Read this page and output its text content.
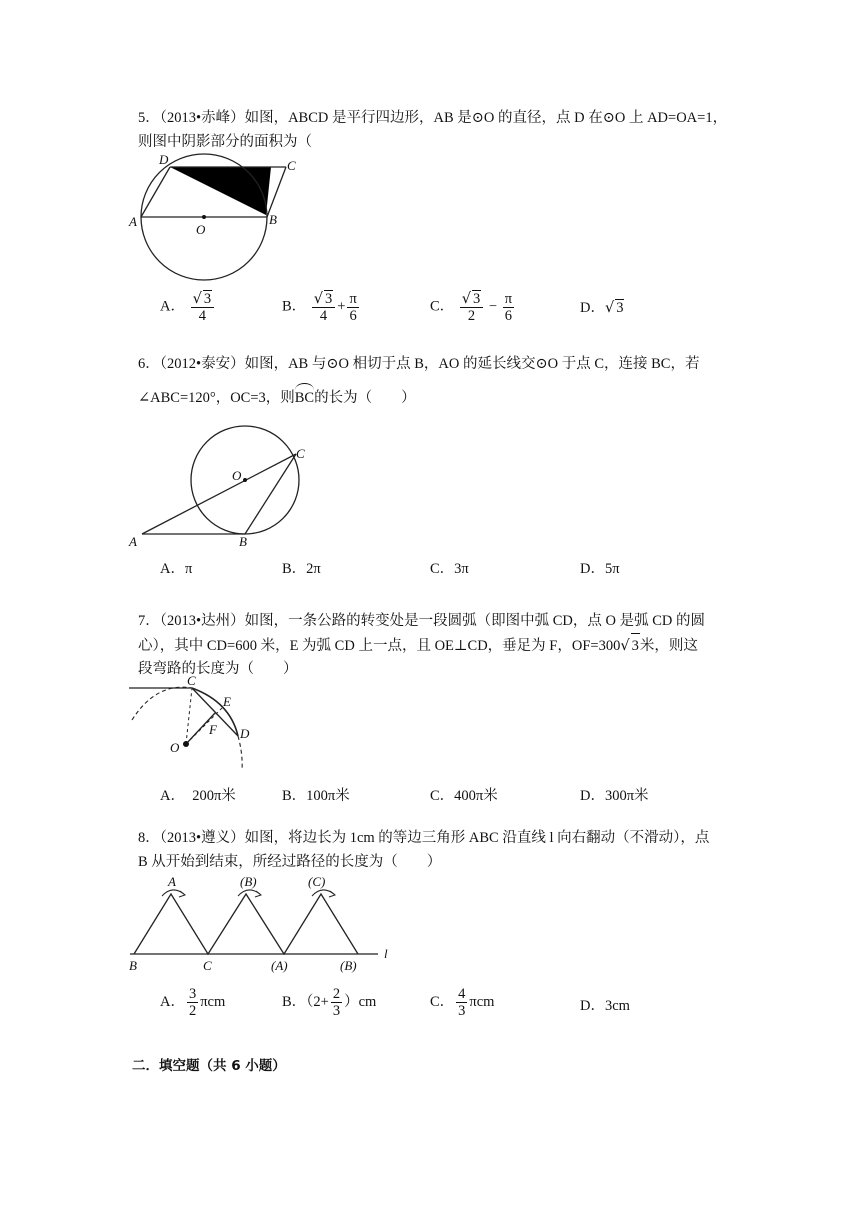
5．（2013•赤峰）如图，ABCD 是平行四边形，AB 是⊙O 的直径，点 D 在⊙O 上 AD=OA=1，
则图中阴影部分的面积为（
A	B
C
D
O
A． $\frac{√ 3}{4}$	B． $\frac{√ 3}{4} + \frac{\pi}{6}$	C． $\frac{√ 3}{2} - \frac{\pi}{6}$	D．√ 3
6．（2012•泰安）如图，AB 与⊙O 相切于点 B，AO 的延长线交⊙O 于点 C，连接 BC，若
∠ABC=120°，OC=3，则BC的长为（　　）
A	B
C
O
A．π	B．2π	C．3π	D．5π
7．（2013•达州）如图，一条公路的转变处是一段圆弧（即图中弧 CD，点 O 是弧 CD 的圆
心），其中 CD=600 米，E 为弧 CD 上一点，且 OE⊥CD，垂足为 F，OF=300√ 3米，则这
段弯路的长度为（　　）
C
E
F D
O
A．　200π米	B．100π米	C．400π米	D．300π米
8．（2013•遵义）如图，将边长为 1cm 的等边三角形 ABC 沿直线 l 向右翻动（不滑动），点
B 从开始到结束，所经过路径的长度为（　　）
A	(B)	(C)
B	C	(A)	(B)
l
A． $\frac{3}{2}$ πcm	B．$(2+ \frac{2}{3} )cm$	C． $\frac{4}{3}$ πcm	D．3cm
二．填空题（共 6 小题）
